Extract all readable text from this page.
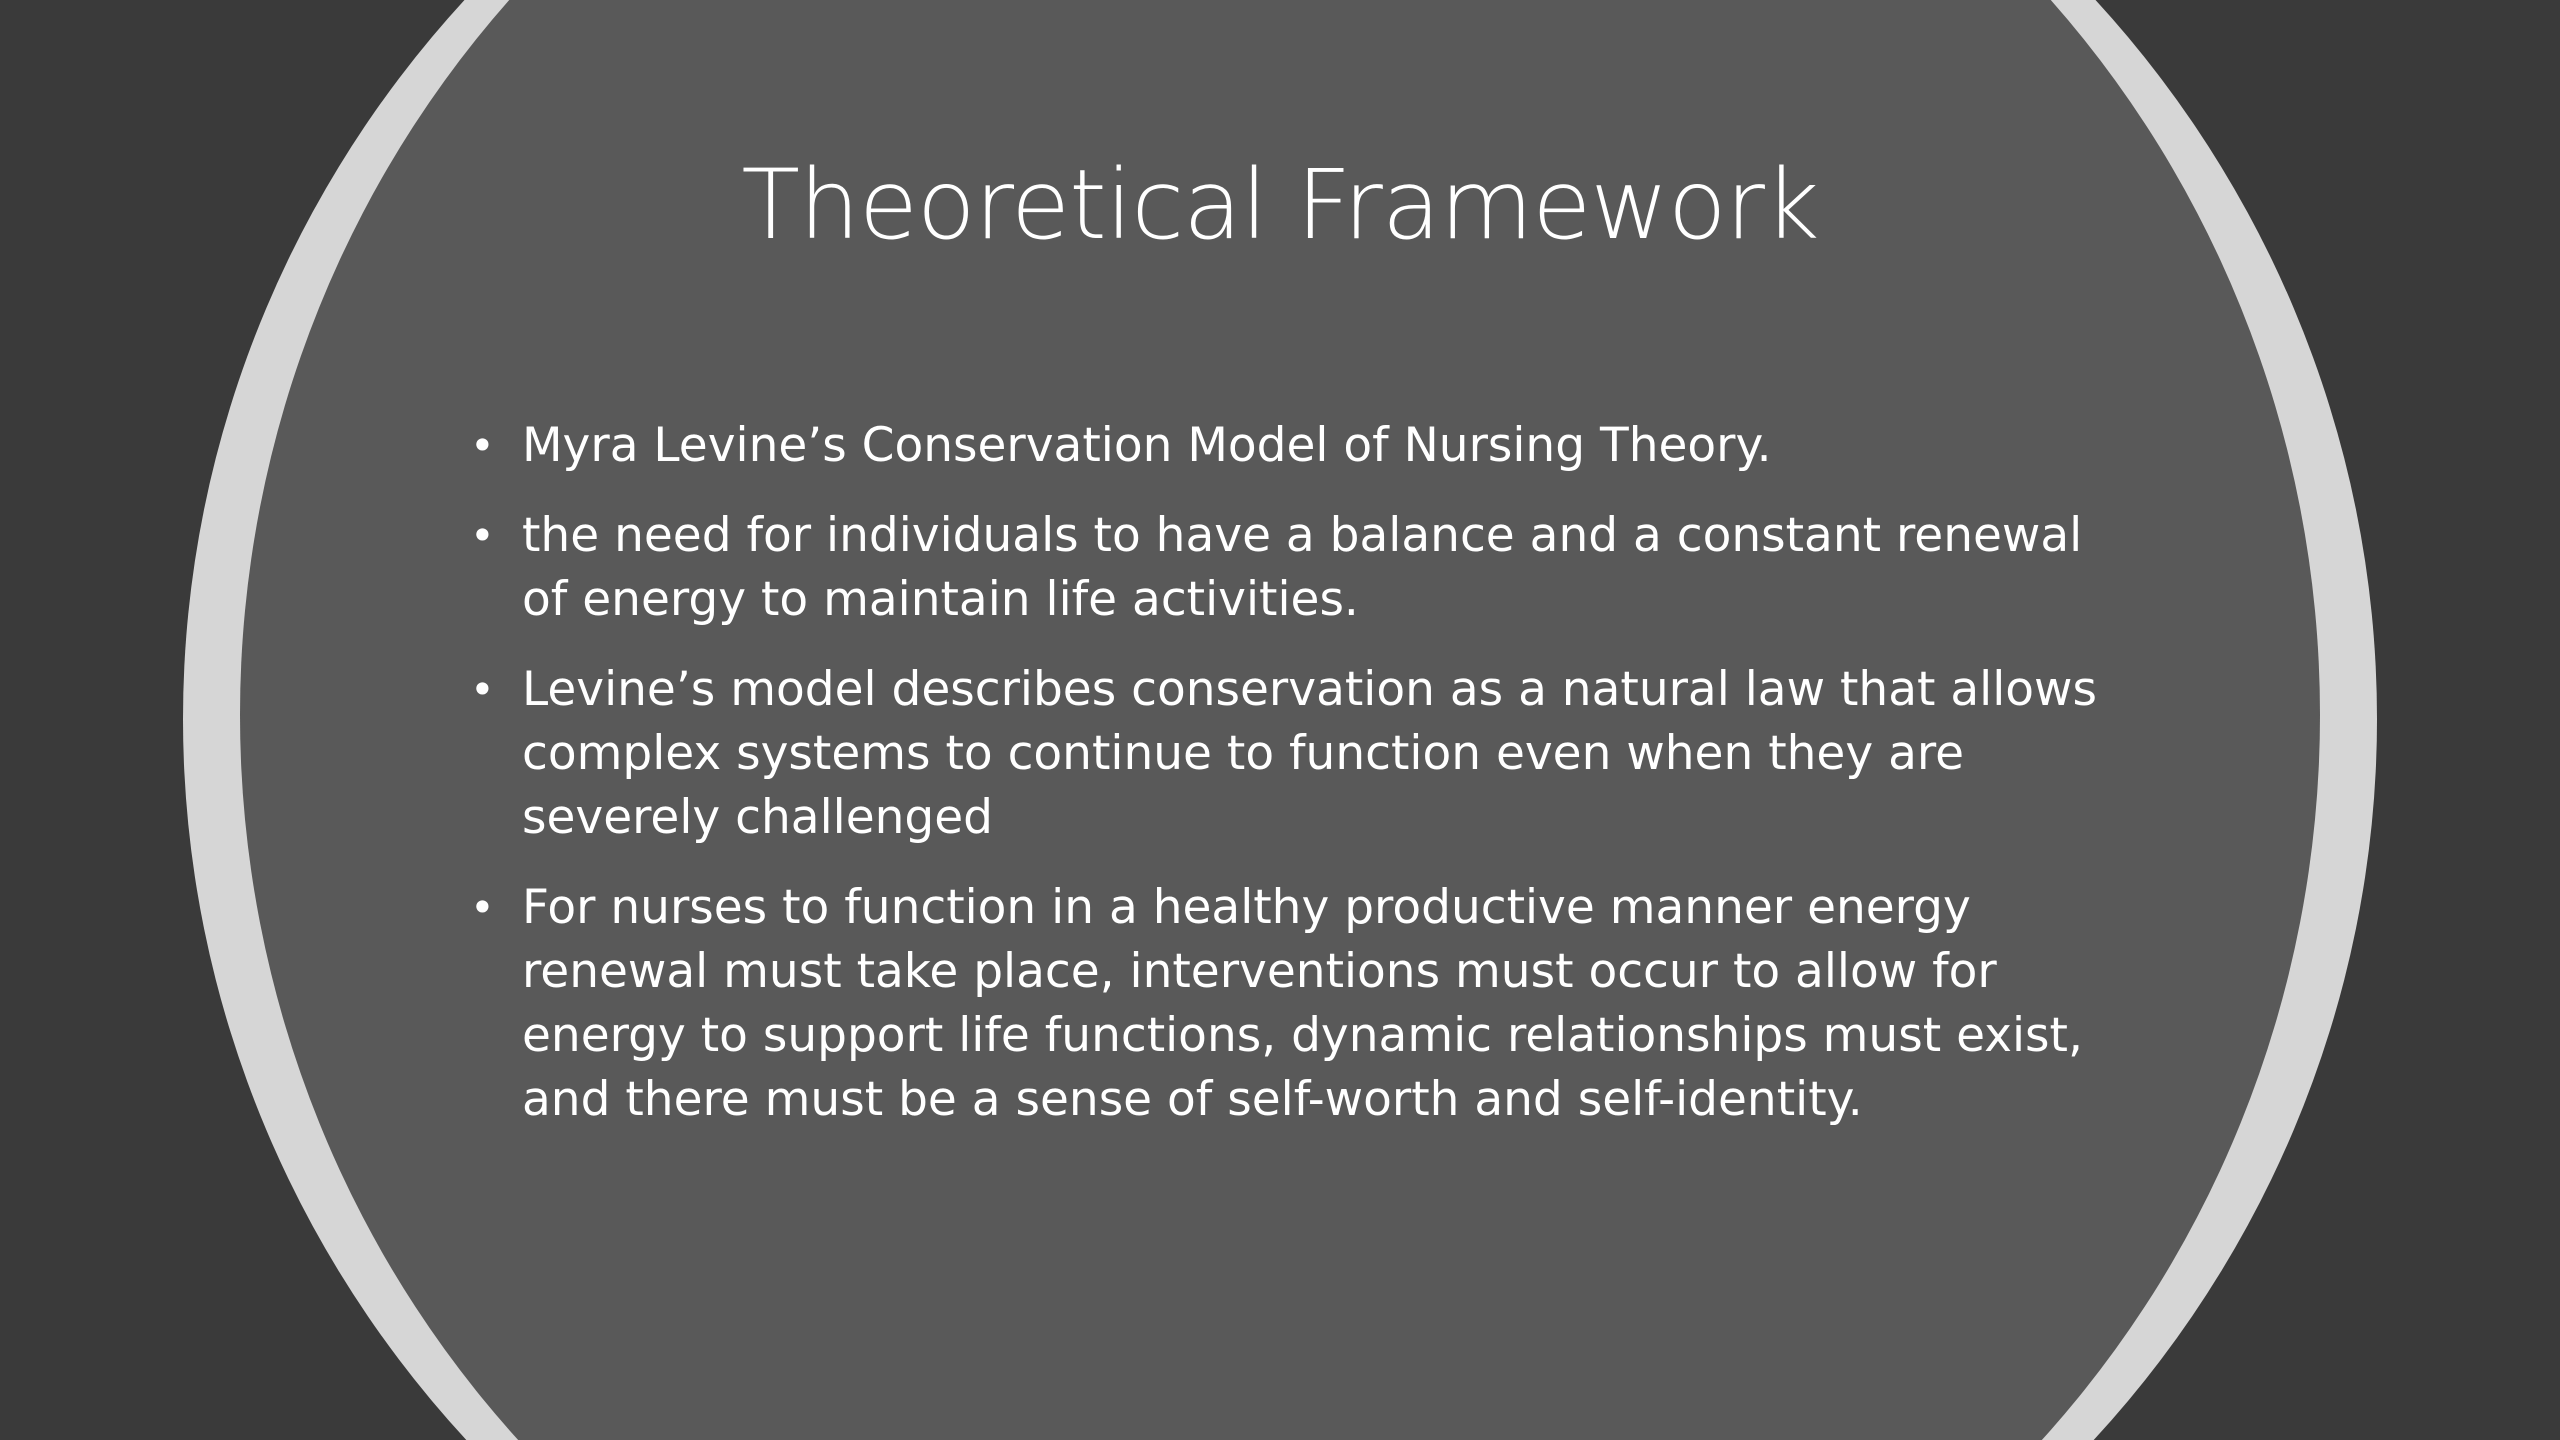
Theoretical Framework
• Myra Levine’s Conservation Model of Nursing Theory.
• the need for individuals to have a balance and a constant renewal of energy to maintain life activities.
• Levine’s model describes conservation as a natural law that allows complex systems to continue to function even when they are severely challenged
• For nurses to function in a healthy productive manner energy renewal must take place, interventions must occur to allow for energy to support life functions, dynamic relationships must exist, and there must be a sense of self-worth and self-identity.
